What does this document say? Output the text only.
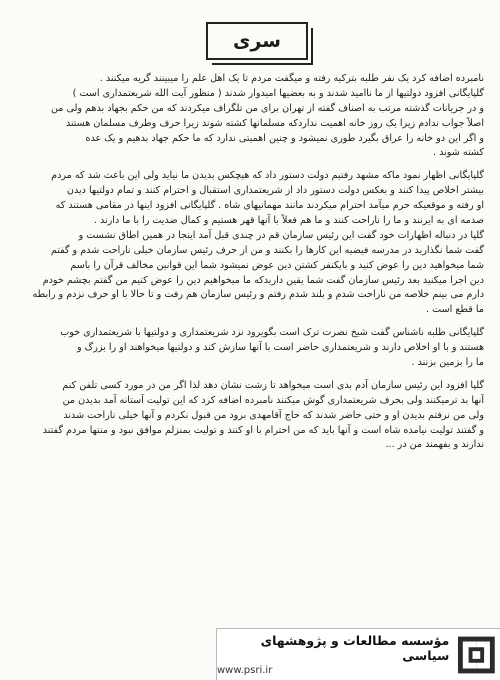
سری
نامبرده اضافه کرد یک نفر طلبه بترکیه رفته و میگفت مردم تا یک اهل علم را میبینند گریه میکنند .
گلپایگانی افزود دولتیها از ما ناامید شدند و به بعضیها امیدوار شدند ( منظور آیت الله شریعتمداری است )
و در جریانات گذشته مرتب به اصناف گفته از تهران برای من تلگراف میکردند که من حکم بجهاد بدهم ولی من
اصلاً جواب ندادم زیرا یک روز خانه اهمیت نداردکه مسلمانها کشته شوند زیرا حرف وطرف مسلمان هستند
و اگر این دو خانه را عراق بگیرد طوری نمیشود و چنین اهمیتی ندارد که ما حکم جهاد بدهیم و یک عده
کشته شوند .
گلپایگانی اظهار نمود ماکه مشهد رفتیم دولت دستور داد که هیچکس بدیدن ما نیاید ولی این باعث شد که مردم
بیشتر اخلاص پیدا کنند و بعکس دولت دستور داد از شریعتمداری استقبال و احترام کنند و تمام دولتیها دیدن
او رفته و موقعیکه حرم میآمد احترام میکردند مانند مهمانیهای شاه . گلپایگانی افزود اینها در مقامی هستند که
صدمه ای به ایرنند و ما را ناراحت کنند و ما هم فعلاً با آنها قهر هستیم و کمال ضدیت را با ما دارند .
گلپا در دنباله اظهارات خود گفت این رئیس سازمان قم در چندی قبل آمد اینجا در همین اطاق نشست و
گفت شما نگذارید در مدرسه فیضیه این کارها را بکنند و من از حرف رئیس سازمان خیلی ناراحت شدم و گفتم
شما میخواهید دین را عوض کنید و بایکنفر کشتن دین عوض نمیشود شما این قوانین مخالف قرآن را باسم
دین اجرا میکنید بعد رئیس سازمان گفت شما یقین داریدکه ما میخواهیم دین را عوض کنیم من گفتم بچشم خودم
دارم می بینم خلاصه من ناراحت شدم و بلند شدم رفتم و رئیس سازمان هم رفت و تا حالا با او حرف نزدم و رابطه
ما قطع است .
گلپایگانی طلبه ناشناس گفت شیخ نصرت ترک است بگویرود نزد شریعتمداری و دولتیها با شریعتمداری خوب
هستند و با او اخلاص دارند و شریعتمداری حاضر است با آنها سازش کند و دولتیها میخواهند او را بزرگ و
ما را بزمین بزنند .
گلپا افزود این رئیس سازمان آدم بدی است میخواهد تا زشت نشان دهد لذا اگر من در مورد کسی تلفن کنم
آنها بد ترمیکنند ولی بحرف شریعتمداری گوش میکنند نامبرده اضافه کرد که این تولیت آستانه آمد بدیدن من
ولی من نرفتم بدیدن او و حتی حاضر شدند که حاج آقامهدی برود من قبول نکردم و آنها خیلی ناراحت شدند
و گفتند تولیت نیامده شاه است و آنها باید که من احترام با او کنند و تولیت بمنزلم موافق نبود و منتها مردم گفتند
ندارند و بفهمند من در ...
مؤسسه مطالعات و پژوهشهای سیاسی
www.psri.ir
